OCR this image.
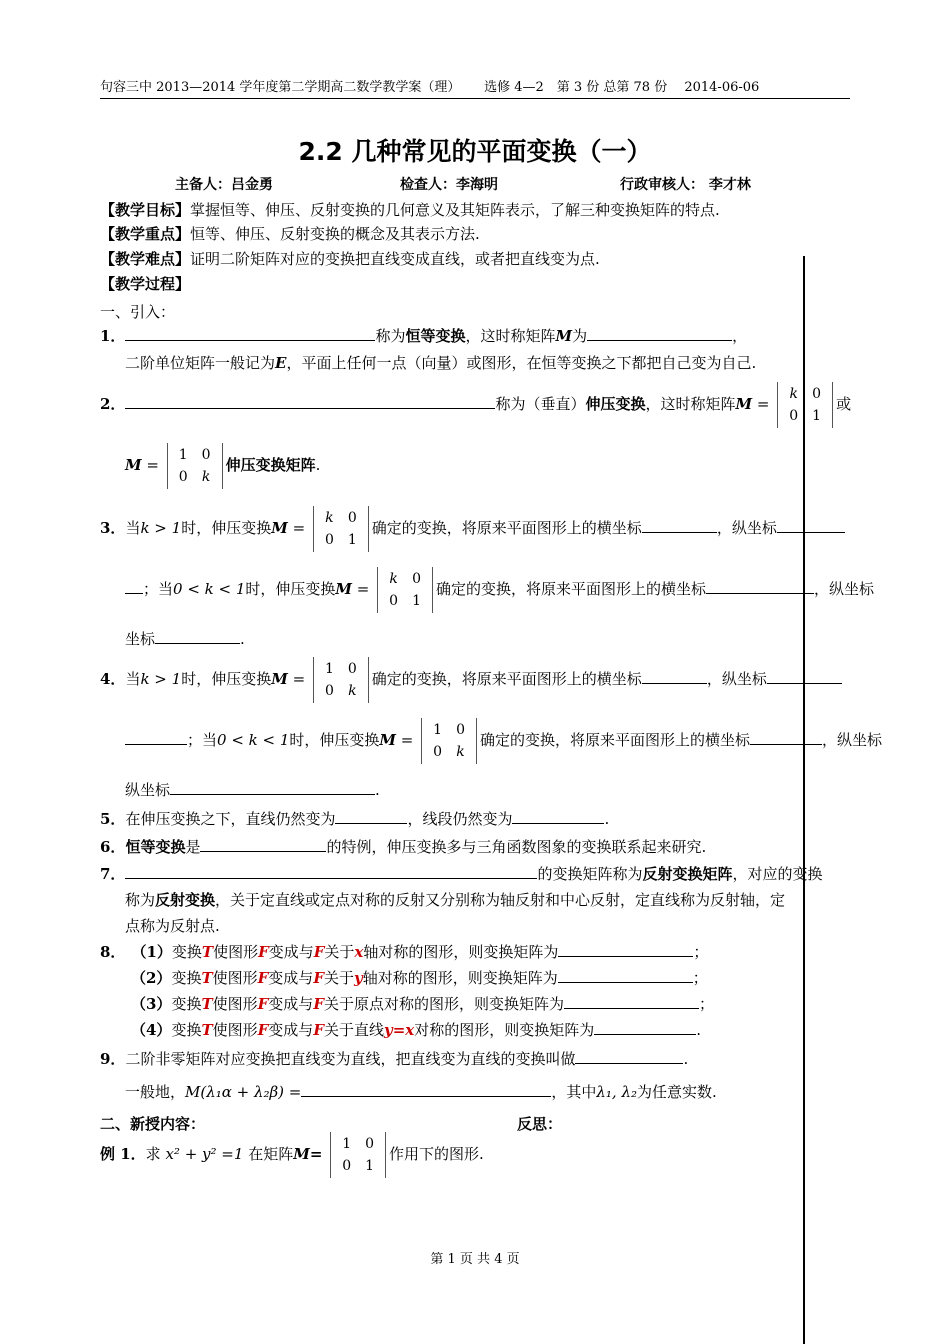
句容三中 2013—2014 学年度第二学期高二数学教学案（理）　　 选修 4—2　第 3 份 总第 78 份　 2014-06-06
2.2 几种常见的平面变换（一）
主备人：吕金勇	检查人：李海明	行政审核人： 李才林
【教学目标】掌握恒等、伸压、反射变换的几何意义及其矩阵表示，了解三种变换矩阵的特点.
【教学重点】恒等、伸压、反射变换的概念及其表示方法.
【教学难点】证明二阶矩阵对应的变换把直线变成直线，或者把直线变为点.
【教学过程】
一、引入：
1．	称为恒等变换，这时称矩阵M为	，
二阶单位矩阵一般记为E，平面上任何一点（向量）或图形，在恒等变换之下都把自己变为自己.
2．	称为（垂直）伸压变换，这时称矩阵M =
k	0
0	1
或
M =
1	0
0	k
伸压变换矩阵.
3．当k > 1时，伸压变换M =
k	0
0	1
确定的变换，将原来平面图形上的横坐标	，纵坐标
；当0 < k < 1时，伸压变换M =
k	0
0	1
确定的变换，将原来平面图形上的横坐标	，纵坐标
坐标	.
4．当k > 1时，伸压变换M =
1	0
0	k
确定的变换，将原来平面图形上的横坐标	，纵坐标
；当0 < k < 1时，伸压变换M =
1	0
0	k
确定的变换，将原来平面图形上的横坐标	，纵坐标
纵坐标	.
5．在伸压变换之下，直线仍然变为	，线段仍然变为	.
6．恒等变换是	的特例，伸压变换多与三角函数图象的变换联系起来研究.
7．	的变换矩阵称为反射变换矩阵，对应的变换
称为反射变换，关于定直线或定点对称的反射又分别称为轴反射和中心反射，定直线称为反射轴，定
点称为反射点.
8． （1）变换T使图形F变成与F关于x轴对称的图形，则变换矩阵为	；
（2）变换T使图形F变成与F关于y轴对称的图形，则变换矩阵为	；
（3）变换T使图形F变成与F关于原点对称的图形，则变换矩阵为	；
（4）变换T使图形F变成与F关于直线y=x对称的图形，则变换矩阵为	.
9．二阶非零矩阵对应变换把直线变为直线，把直线变为直线的变换叫做	.
一般地，M(λ₁α + λ₂β) =	，其中λ₁, λ₂为任意实数.
二、新授内容：	反思：
例 1．求 x² + y² =1 在矩阵M=
1	0
0	1
作用下的图形.
第 1 页 共 4 页
